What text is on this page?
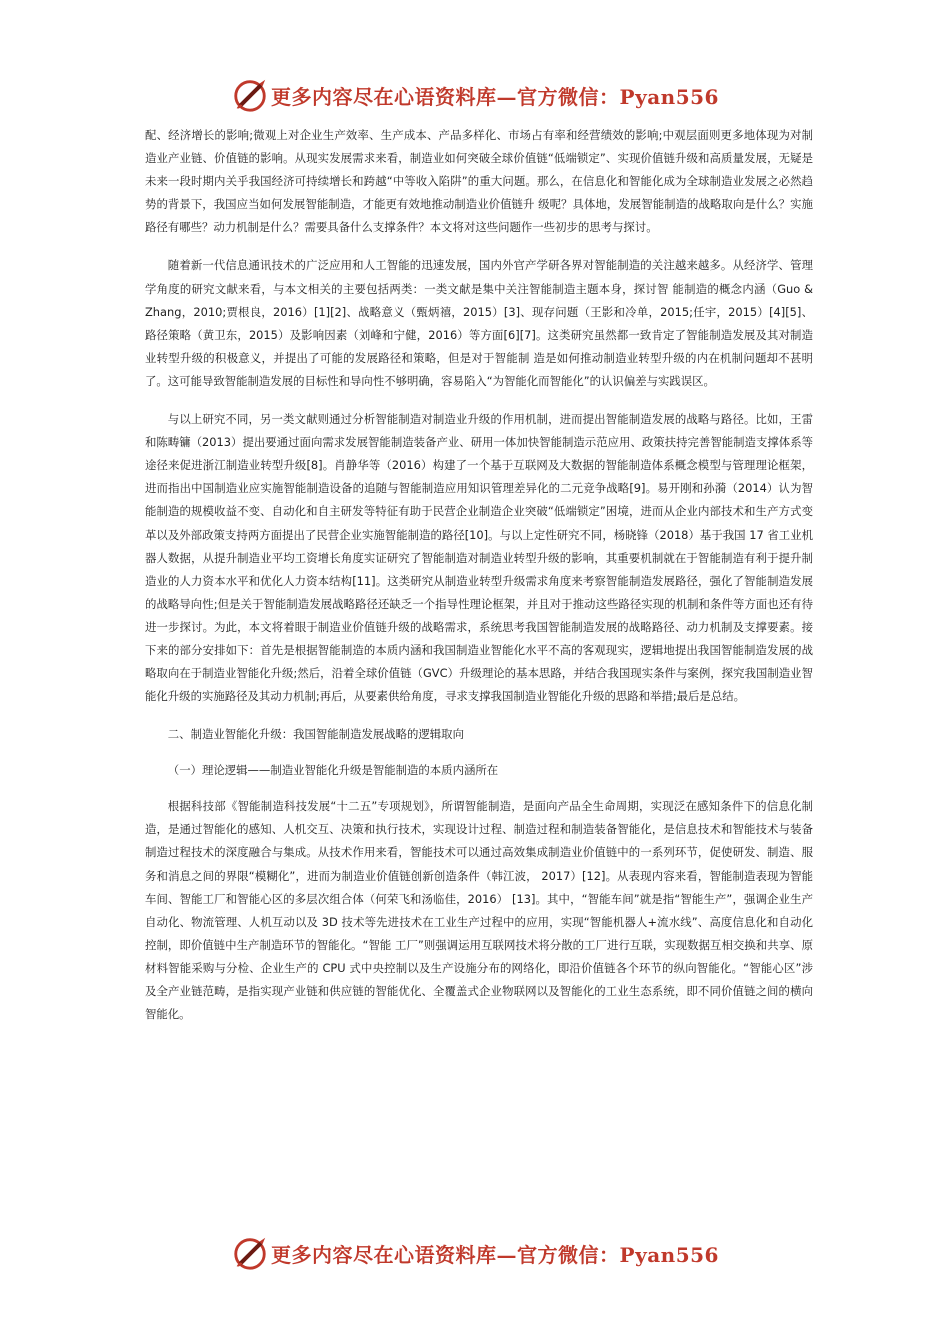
更多内容尽在心语资料库—官方微信：Pyan556

配、经济增长的影响;微观上对企业生产效率、生产成本、产品多样化、市场占有率和经营绩效的影响;中观层面则更多地体现为对制造业产业链、价值链的影响。从现实发展需求来看，制造业如何突破全球价值链“低端锁定”、实现价值链升级和高质量发展，无疑是未来一段时期内关乎我国经济可持续增长和跨越“中等收入陷阱”的重大问题。那么，在信息化和智能化成为全球制造业发展之必然趋势的背景下，我国应当如何发展智能制造，才能更有效地推动制造业价值链升 级呢？具体地，发展智能制造的战略取向是什么？实施路径有哪些？动力机制是什么？需要具备什么支撑条件？本文将对这些问题作一些初步的思考与探讨。

随着新一代信息通讯技术的广泛应用和人工智能的迅速发展，国内外官产学研各界对智能制造的关注越来越多。从经济学、管理学角度的研究文献来看，与本文相关的主要包括两类：一类文献是集中关注智能制造主题本身，探讨智 能制造的概念内涵（Guo & Zhang，2010;贾根良，2016）[1][2]、战略意义（甄炳禧，2015）[3]、现存问题（王影和冷单，2015;任宇，2015）[4][5]、路径策略（黄卫东，2015）及影响因素（刘峰和宁健，2016）等方面[6][7]。这类研究虽然都一致肯定了智能制造发展及其对制造业转型升级的积极意义，并提出了可能的发展路径和策略，但是对于智能制 造是如何推动制造业转型升级的内在机制问题却不甚明了。这可能导致智能制造发展的目标性和导向性不够明确，容易陷入“为智能化而智能化”的认识偏差与实践误区。

与以上研究不同，另一类文献则通过分析智能制造对制造业升级的作用机制，进而提出智能制造发展的战略与路径。比如，王雷和陈畴镛（2013）提出要通过面向需求发展智能制造装备产业、研用一体加快智能制造示范应用、政策扶持完善智能制造支撑体系等途径来促进浙江制造业转型升级[8]。肖静华等（2016）构建了一个基于互联网及大数据的智能制造体系概念模型与管理理论框架，进而指出中国制造业应实施智能制造设备的追随与智能制造应用知识管理差异化的二元竞争战略[9]。易开刚和孙漪（2014）认为智能制造的规模收益不变、自动化和自主研发等特征有助于民营企业制造企业突破“低端锁定”困境，进而从企业内部技术和生产方式变革以及外部政策支持两方面提出了民营企业实施智能制造的路径[10]。与以上定性研究不同，杨晓锋（2018）基于我国 17 省工业机器人数据，从提升制造业平均工资增长角度实证研究了智能制造对制造业转型升级的影响，其重要机制就在于智能制造有利于提升制造业的人力资本水平和优化人力资本结构[11]。这类研究从制造业转型升级需求角度来考察智能制造发展路径，强化了智能制造发展的战略导向性;但是关于智能制造发展战略路径还缺乏一个指导性理论框架，并且对于推动这些路径实现的机制和条件等方面也还有待进一步探讨。为此，本文将着眼于制造业价值链升级的战略需求，系统思考我国智能制造发展的战略路径、动力机制及支撑要素。接下来的部分安排如下：首先是根据智能制造的本质内涵和我国制造业智能化水平不高的客观现实，逻辑地提出我国智能制造发展的战略取向在于制造业智能化升级;然后，沿着全球价值链（GVC）升级理论的基本思路，并结合我国现实条件与案例，探究我国制造业智能化升级的实施路径及其动力机制;再后，从要素供给角度，寻求支撑我国制造业智能化升级的思路和举措;最后是总结。

二、制造业智能化升级：我国智能制造发展战略的逻辑取向

（一）理论逻辑——制造业智能化升级是智能制造的本质内涵所在

根据科技部《智能制造科技发展“十二五”专项规划》，所谓智能制造，是面向产品全生命周期，实现泛在感知条件下的信息化制造，是通过智能化的感知、人机交互、决策和执行技术，实现设计过程、制造过程和制造装备智能化，是信息技术和智能技术与装备制造过程技术的深度融合与集成。从技术作用来看，智能技术可以通过高效集成制造业价值链中的一系列环节，促使研发、制造、服务和消息之间的界限“模糊化”，进而为制造业价值链创新创造条件（韩江波， 2017）[12]。从表现内容来看，智能制造表现为智能车间、智能工厂和智能⼼区的多层次组合体（何荣飞和汤临佳，2016） [13]。其中，“智能车间”就是指“智能生产”，强调企业生产自动化、物流管理、人机互动以及 3D 技术等先进技术在工业生产过程中的应用，实现“智能机器人+流水线”、高度信息化和自动化控制，即价值链中生产制造环节的智能化。“智能 工厂”则强调运用互联网技术将分散的工厂进行互联，实现数据互相交换和共享、原材料智能采购与分检、企业生产的 CPU 式中央控制以及生产设施分布的网络化，即沿价值链各个环节的纵向智能化。“智能⼼区”涉及全产业链范畴，是指实现产业链和供应链的智能优化、全覆盖式企业物联网以及智能化的工业生态系统，即不同价值链之间的横向智能化。

更多内容尽在心语资料库—官方微信：Pyan556
